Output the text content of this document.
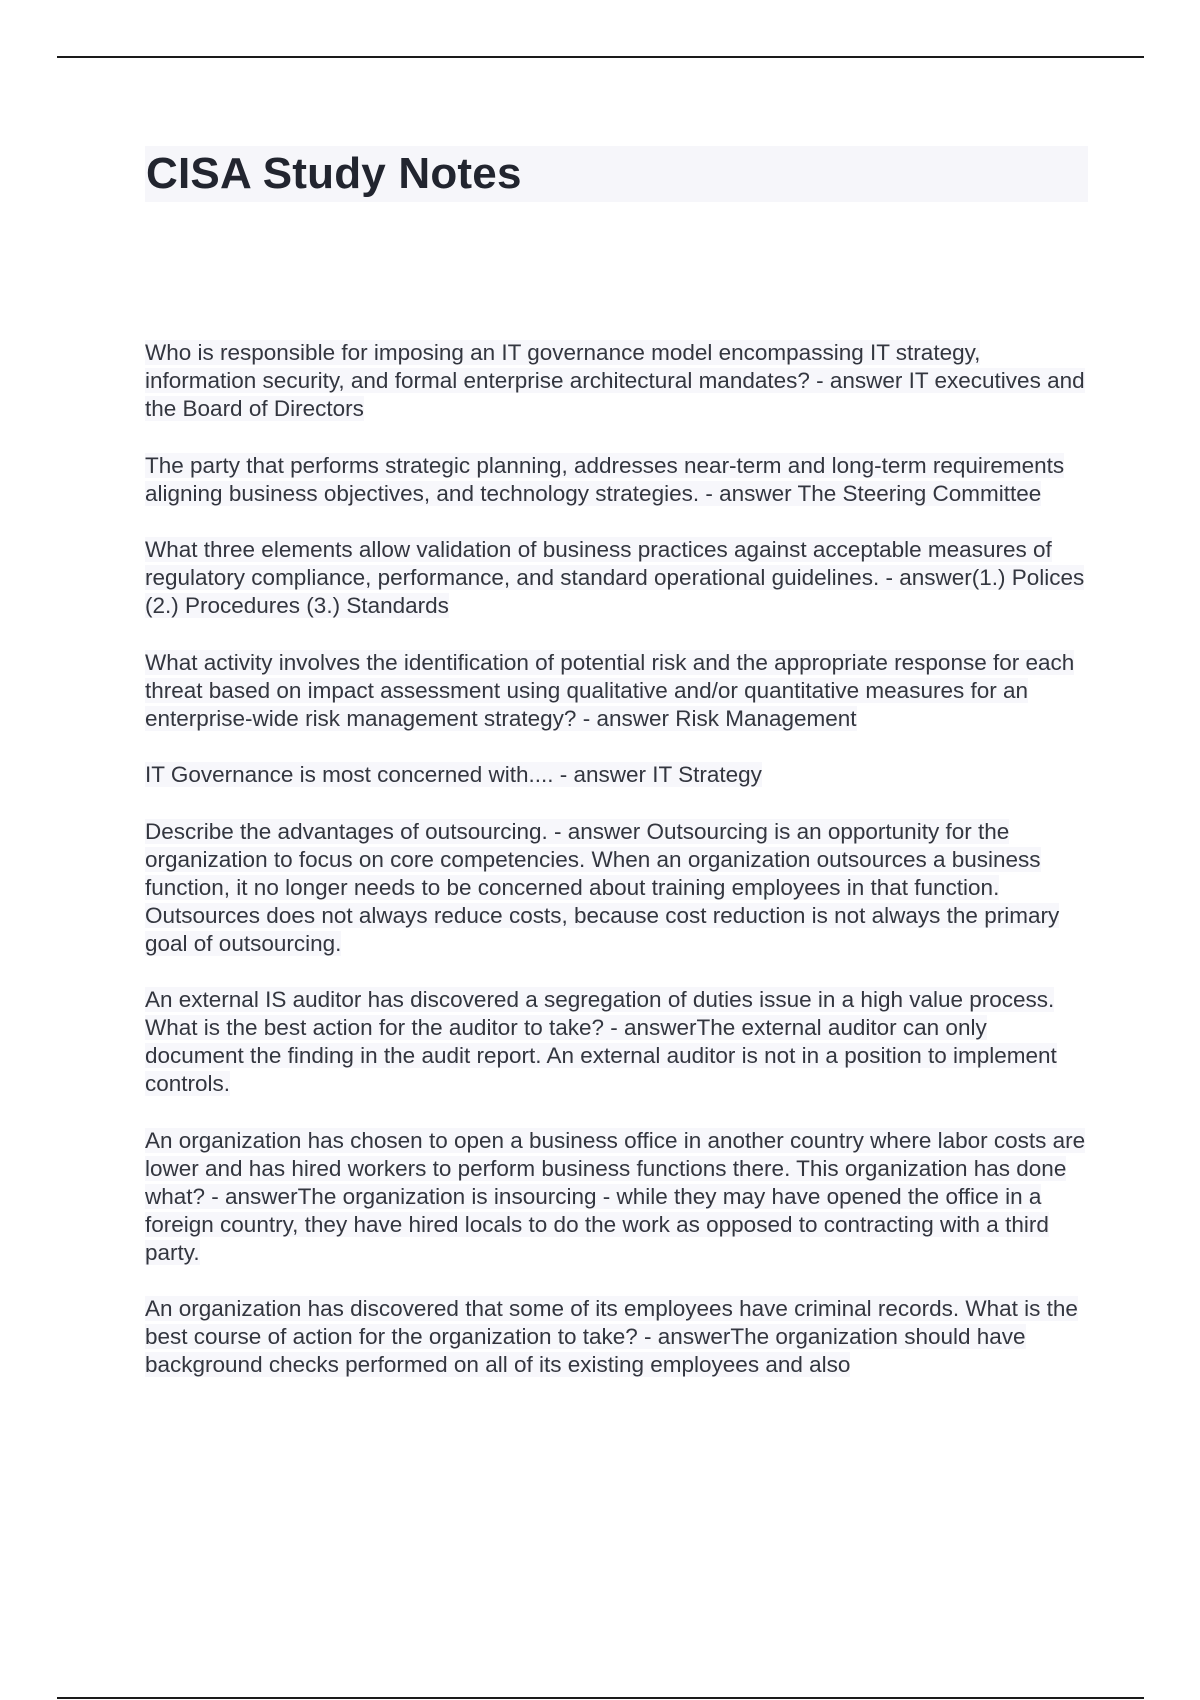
CISA Study Notes

Who is responsible for imposing an IT governance model encompassing IT strategy, information security, and formal enterprise architectural mandates? - answer IT executives and the Board of Directors

The party that performs strategic planning, addresses near-term and long-term requirements aligning business objectives, and technology strategies. - answer The Steering Committee

What three elements allow validation of business practices against acceptable measures of regulatory compliance, performance, and standard operational guidelines. - answer(1.) Polices (2.) Procedures (3.) Standards

What activity involves the identification of potential risk and the appropriate response for each threat based on impact assessment using qualitative and/or quantitative measures for an enterprise-wide risk management strategy? - answer Risk Management

IT Governance is most concerned with.... - answer IT Strategy

Describe the advantages of outsourcing. - answer Outsourcing is an opportunity for the organization to focus on core competencies. When an organization outsources a business function, it no longer needs to be concerned about training employees in that function. Outsources does not always reduce costs, because cost reduction is not always the primary goal of outsourcing.

An external IS auditor has discovered a segregation of duties issue in a high value process. What is the best action for the auditor to take? - answerThe external auditor can only document the finding in the audit report. An external auditor is not in a position to implement controls.

An organization has chosen to open a business office in another country where labor costs are lower and has hired workers to perform business functions there. This organization has done what? - answerThe organization is insourcing - while they may have opened the office in a foreign country, they have hired locals to do the work as opposed to contracting with a third party.

An organization has discovered that some of its employees have criminal records. What is the best course of action for the organization to take? - answerThe organization should have background checks performed on all of its existing employees and also
